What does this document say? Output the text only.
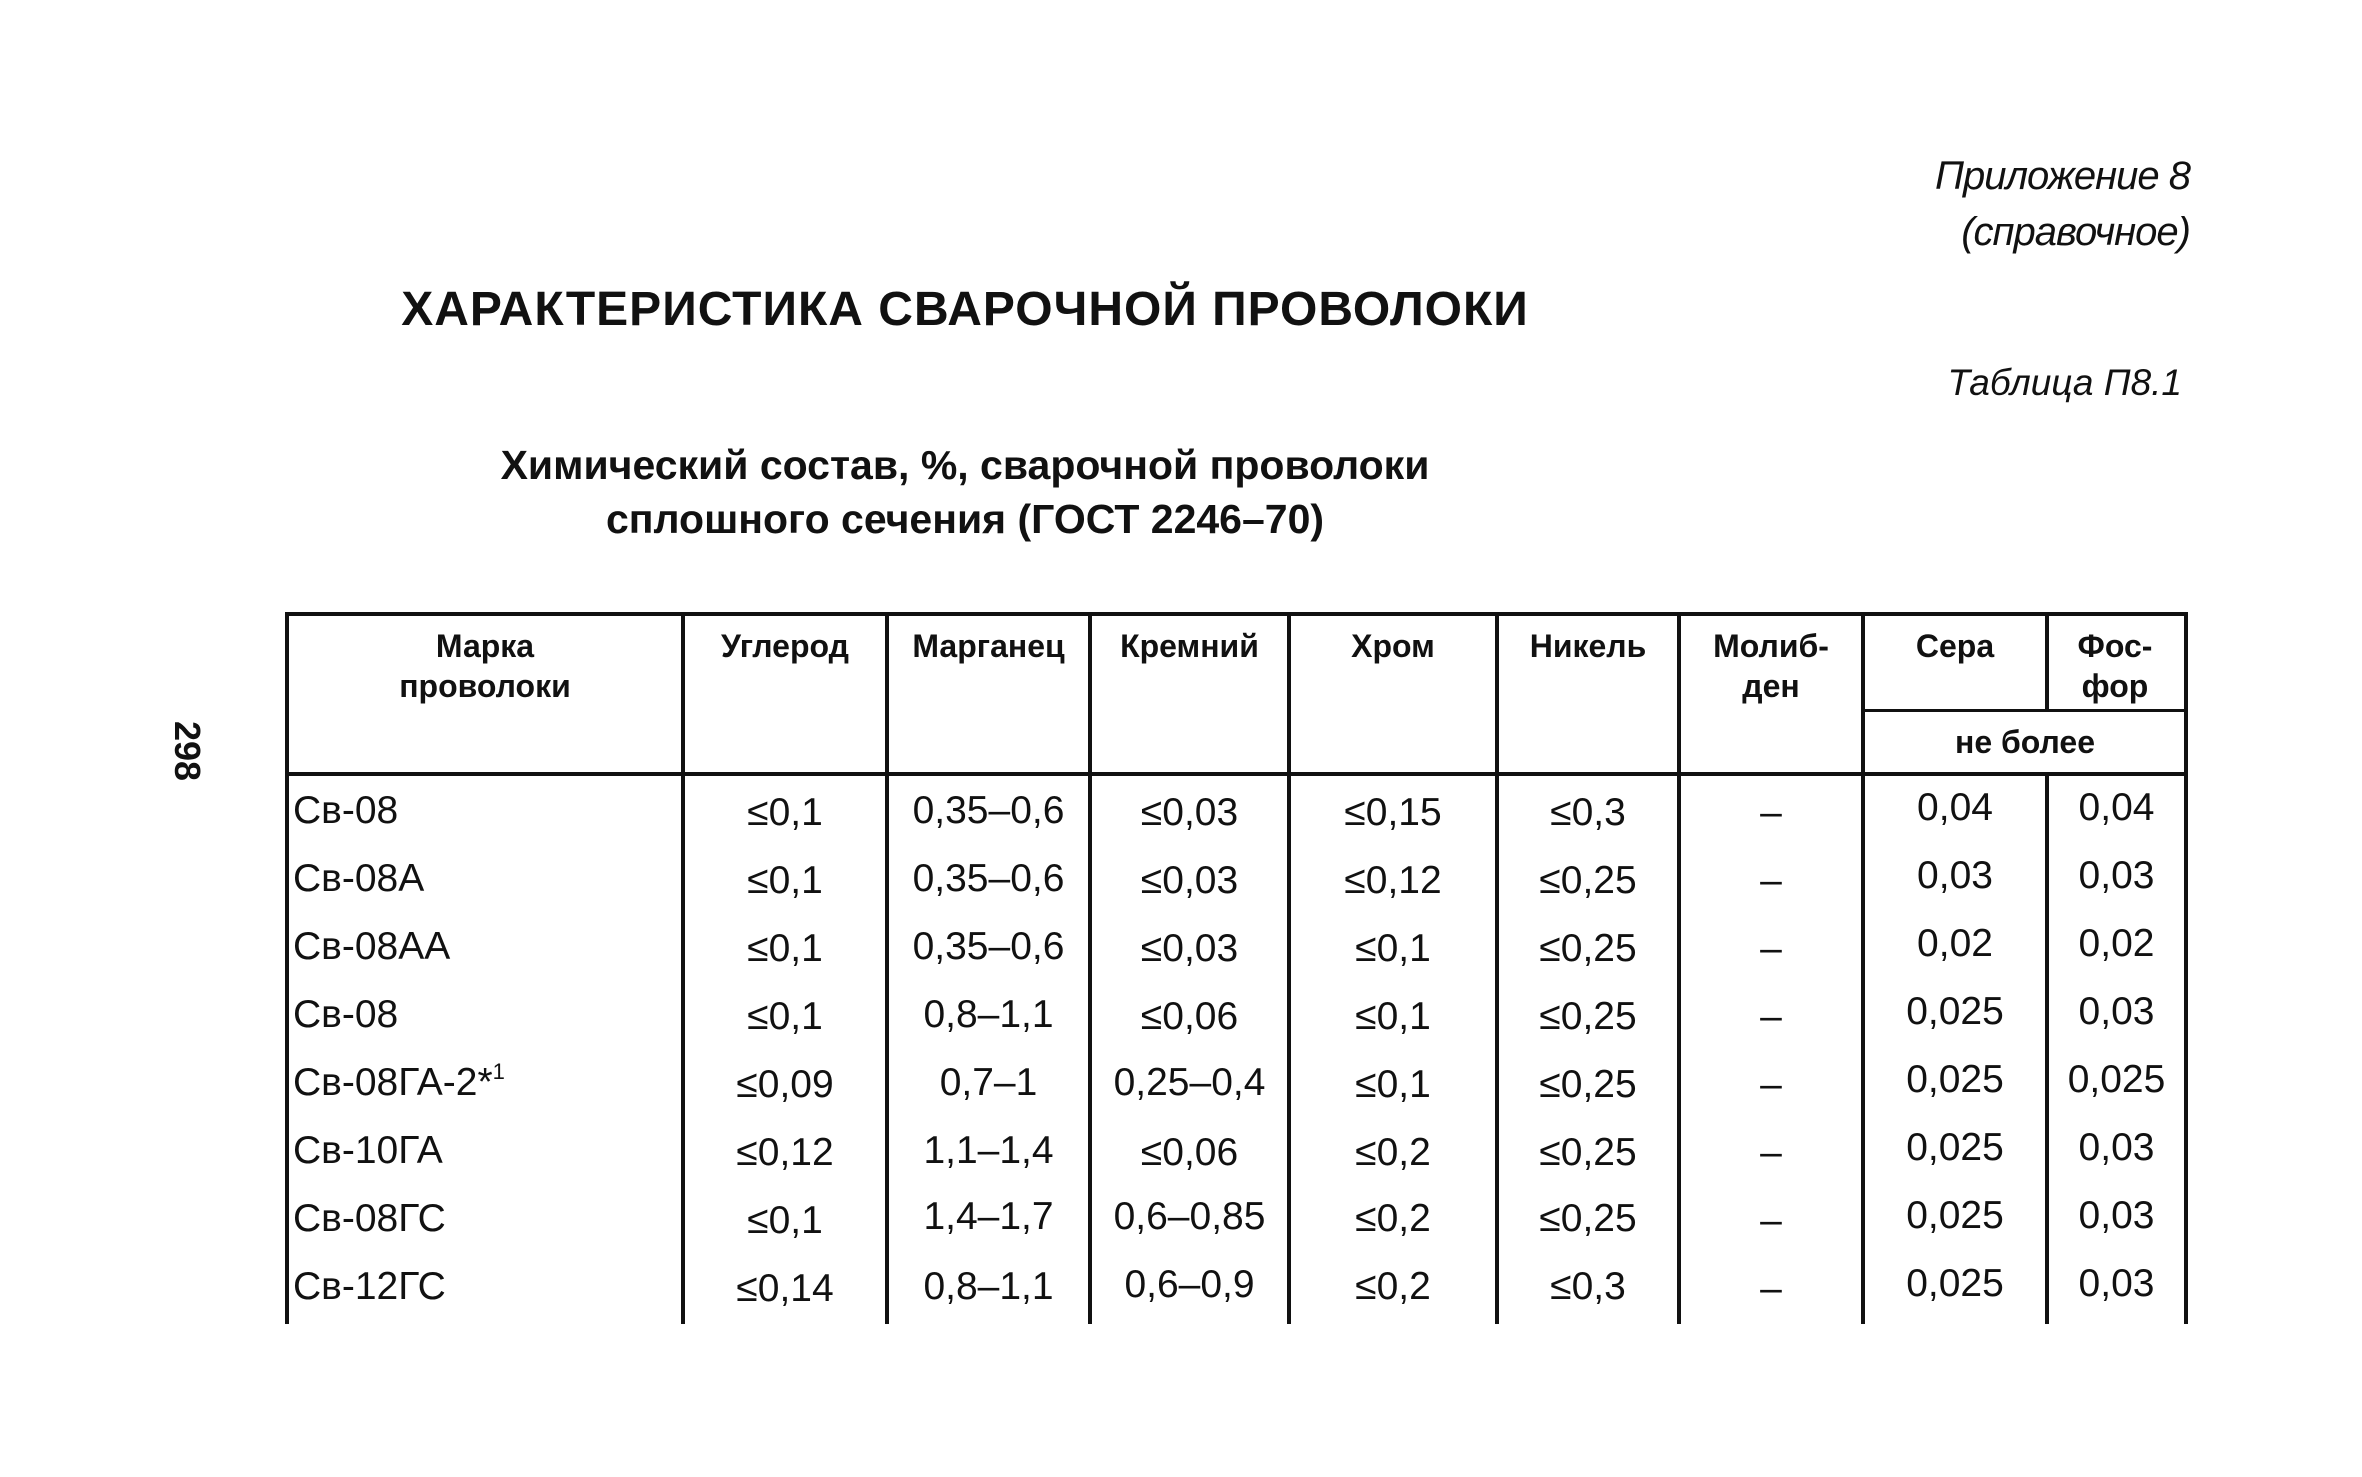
298
Приложение 8
(справочное)
ХАРАКТЕРИСТИКА СВАРОЧНОЙ ПРОВОЛОКИ
Таблица П8.1
Химический состав, %, сварочной проволоки
сплошного сечения (ГОСТ 2246–70)
Марка проволоки
Углерод	Марганец	Кремний	Хром	Никель	Молиб-ден
Сера	Фос-фор
не более
Св-08	≤0,1	0,35–0,6	≤0,03	≤0,15	≤0,3	–	0,04	0,04
Св-08А	≤0,1	0,35–0,6	≤0,03	≤0,12	≤0,25	–	0,03	0,03
Св-08АА	≤0,1	0,35–0,6	≤0,03	≤0,1	≤0,25	–	0,02	0,02
Св-08	≤0,1	0,8–1,1	≤0,06	≤0,1	≤0,25	–	0,025	0,03
Св-08ГА-2*$^1$	≤0,09	0,7–1	0,25–0,4	≤0,1	≤0,25	–	0,025	0,025
Св-10ГА	≤0,12	1,1–1,4	≤0,06	≤0,2	≤0,25	–	0,025	0,03
Св-08ГС	≤0,1	1,4–1,7	0,6–0,85	≤0,2	≤0,25	–	0,025	0,03
Св-12ГС	≤0,14	0,8–1,1	0,6–0,9	≤0,2	≤0,3	–	0,025	0,03
